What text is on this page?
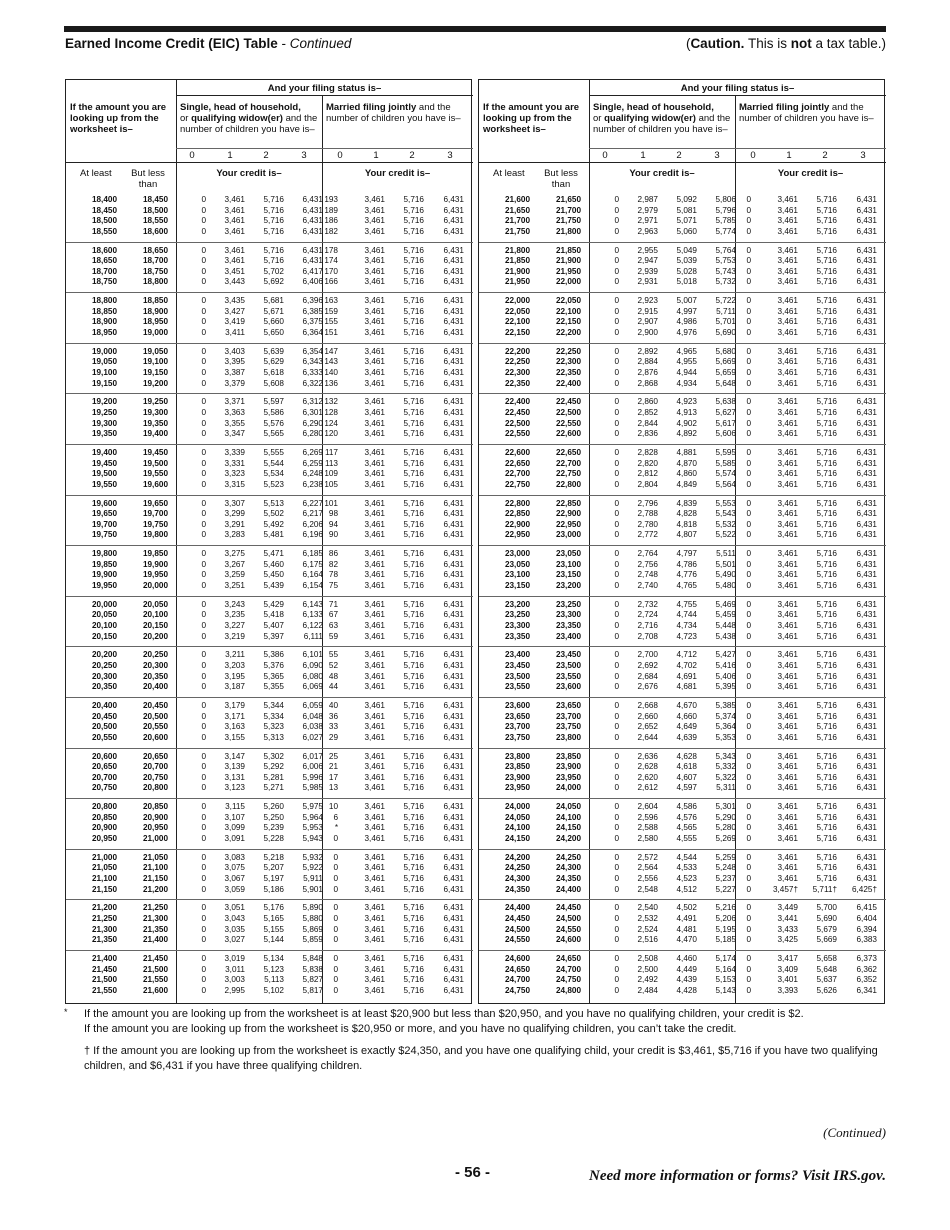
Earned Income Credit (EIC) Table - Continued	(Caution. This is not a tax table.)
And your filing status is–
If the amount you are looking up from the worksheet is–
Single, head of household,
or qualifying widow(er) and the number of children you have is–
Married filing jointly and the number of children you have is–
0	1	2	3	0	1	2	3
At least	But less than
Your credit is–	Your credit is–
18,400	18,450	0 3,461 5,716 6,431 193	3,461 5,716 6,431
18,450	18,500	0 3,461 5,716 6,431 189	3,461 5,716 6,431
18,500	18,550	0 3,461 5,716 6,431 186	3,461 5,716 6,431
18,550	18,600	0 3,461 5,716 6,431 182	3,461 5,716 6,431
18,600	18,650	0 3,461 5,716 6,431 178	3,461 5,716 6,431
18,650	18,700	0 3,461 5,716 6,431 174	3,461 5,716 6,431
18,700	18,750	0 3,451 5,702 6,417 170	3,461 5,716 6,431
18,750	18,800	0 3,443 5,692 6,406 166	3,461 5,716 6,431
18,800	18,850	0 3,435 5,681 6,396 163	3,461 5,716 6,431
18,850	18,900	0 3,427 5,671 6,385 159	3,461 5,716 6,431
18,900	18,950	0 3,419 5,660 6,375 155	3,461 5,716 6,431
18,950	19,000	0 3,411 5,650 6,364 151	3,461 5,716 6,431
19,000	19,050	0 3,403 5,639 6,354 147	3,461 5,716 6,431
19,050	19,100	0 3,395 5,629 6,343 143	3,461 5,716 6,431
19,100	19,150	0 3,387 5,618 6,333 140	3,461 5,716 6,431
19,150	19,200	0 3,379 5,608 6,322 136	3,461 5,716 6,431
19,200	19,250	0 3,371 5,597 6,312 132	3,461 5,716 6,431
19,250	19,300	0 3,363 5,586 6,301 128	3,461 5,716 6,431
19,300	19,350	0 3,355 5,576 6,290 124	3,461 5,716 6,431
19,350	19,400	0 3,347 5,565 6,280 120	3,461 5,716 6,431
19,400	19,450	0 3,339 5,555 6,269 117	3,461 5,716 6,431
19,450	19,500	0 3,331 5,544 6,259 113	3,461 5,716 6,431
19,500	19,550	0 3,323 5,534 6,248 109	3,461 5,716 6,431
19,550	19,600	0 3,315 5,523 6,238 105	3,461 5,716 6,431
19,600	19,650	0 3,307 5,513 6,227 101	3,461 5,716 6,431
19,650	19,700	0 3,299 5,502 6,217 98	3,461 5,716 6,431
19,700	19,750	0 3,291 5,492 6,206 94	3,461 5,716 6,431
19,750	19,800	0 3,283 5,481 6,196 90	3,461 5,716 6,431
19,800	19,850	0 3,275 5,471 6,185 86	3,461 5,716 6,431
19,850	19,900	0 3,267 5,460 6,175 82	3,461 5,716 6,431
19,900	19,950	0 3,259 5,450 6,164 78	3,461 5,716 6,431
19,950	20,000	0 3,251 5,439 6,154 75	3,461 5,716 6,431
20,000	20,050	0 3,243 5,429 6,143 71	3,461 5,716 6,431
20,050	20,100	0 3,235 5,418 6,133 67	3,461 5,716 6,431
20,100	20,150	0 3,227 5,407 6,122 63	3,461 5,716 6,431
20,150	20,200	0 3,219 5,397 6,111 59	3,461 5,716 6,431
20,200	20,250	0 3,211 5,386 6,101 55	3,461 5,716 6,431
20,250	20,300	0 3,203 5,376 6,090 52	3,461 5,716 6,431
20,300	20,350	0 3,195 5,365 6,080 48	3,461 5,716 6,431
20,350	20,400	0 3,187 5,355 6,069 44	3,461 5,716 6,431
20,400	20,450	0 3,179 5,344 6,059 40	3,461 5,716 6,431
20,450	20,500	0 3,171 5,334 6,048 36	3,461 5,716 6,431
20,500	20,550	0 3,163 5,323 6,038 33	3,461 5,716 6,431
20,550	20,600	0 3,155 5,313 6,027 29	3,461 5,716 6,431
20,600	20,650	0 3,147 5,302 6,017 25	3,461 5,716 6,431
20,650	20,700	0 3,139 5,292 6,006 21	3,461 5,716 6,431
20,700	20,750	0 3,131 5,281 5,996 17	3,461 5,716 6,431
20,750	20,800	0 3,123 5,271 5,985 13	3,461 5,716 6,431
20,800	20,850	0 3,115 5,260 5,975 10	3,461 5,716 6,431
20,850	20,900	0 3,107 5,250 5,964 6	3,461 5,716 6,431
20,900	20,950	0 3,099 5,239 5,953 *	3,461 5,716 6,431
20,950	21,000	0 3,091 5,228 5,943 0	3,461 5,716 6,431
21,000	21,050	0 3,083 5,218 5,932 0	3,461 5,716 6,431
21,050	21,100	0 3,075 5,207 5,922 0	3,461 5,716 6,431
21,100	21,150	0 3,067 5,197 5,911 0	3,461 5,716 6,431
21,150	21,200	0 3,059 5,186 5,901 0	3,461 5,716 6,431
21,200	21,250	0 3,051 5,176 5,890 0	3,461 5,716 6,431
21,250	21,300	0 3,043 5,165 5,880 0	3,461 5,716 6,431
21,300	21,350	0 3,035 5,155 5,869 0	3,461 5,716 6,431
21,350	21,400	0 3,027 5,144 5,859 0	3,461 5,716 6,431
21,400	21,450	0 3,019 5,134 5,848 0	3,461 5,716 6,431
21,450	21,500	0 3,011 5,123 5,838 0	3,461 5,716 6,431
21,500	21,550	0 3,003 5,113 5,827 0	3,461 5,716 6,431
21,550	21,600	0 2,995 5,102 5,817 0	3,461 5,716 6,431
And your filing status is–
If the amount you are looking up from the worksheet is–
Single, head of household,
or qualifying widow(er) and the number of children you have is–
Married filing jointly and the number of children you have is–
0	1	2	3	0	1	2	3
At least	But less than
Your credit is–	Your credit is–
21,600	21,650	0 2,987 5,092 5,806 0	3,461 5,716 6,431
21,650	21,700	0 2,979 5,081 5,796 0	3,461 5,716 6,431
21,700	21,750	0 2,971 5,071 5,785 0	3,461 5,716 6,431
21,750	21,800	0 2,963 5,060 5,774 0	3,461 5,716 6,431
21,800	21,850	0 2,955 5,049 5,764 0	3,461 5,716 6,431
21,850	21,900	0 2,947 5,039 5,753 0	3,461 5,716 6,431
21,900	21,950	0 2,939 5,028 5,743 0	3,461 5,716 6,431
21,950	22,000	0 2,931 5,018 5,732 0	3,461 5,716 6,431
22,000	22,050	0 2,923 5,007 5,722 0	3,461 5,716 6,431
22,050	22,100	0 2,915 4,997 5,711 0	3,461 5,716 6,431
22,100	22,150	0 2,907 4,986 5,701 0	3,461 5,716 6,431
22,150	22,200	0 2,900 4,976 5,690 0	3,461 5,716 6,431
22,200	22,250	0 2,892 4,965 5,680 0	3,461 5,716 6,431
22,250	22,300	0 2,884 4,955 5,669 0	3,461 5,716 6,431
22,300	22,350	0 2,876 4,944 5,659 0	3,461 5,716 6,431
22,350	22,400	0 2,868 4,934 5,648 0	3,461 5,716 6,431
22,400	22,450	0 2,860 4,923 5,638 0	3,461 5,716 6,431
22,450	22,500	0 2,852 4,913 5,627 0	3,461 5,716 6,431
22,500	22,550	0 2,844 4,902 5,617 0	3,461 5,716 6,431
22,550	22,600	0 2,836 4,892 5,606 0	3,461 5,716 6,431
22,600	22,650	0 2,828 4,881 5,595 0	3,461 5,716 6,431
22,650	22,700	0 2,820 4,870 5,585 0	3,461 5,716 6,431
22,700	22,750	0 2,812 4,860 5,574 0	3,461 5,716 6,431
22,750	22,800	0 2,804 4,849 5,564 0	3,461 5,716 6,431
22,800	22,850	0 2,796 4,839 5,553 0	3,461 5,716 6,431
22,850	22,900	0 2,788 4,828 5,543 0	3,461 5,716 6,431
22,900	22,950	0 2,780 4,818 5,532 0	3,461 5,716 6,431
22,950	23,000	0 2,772 4,807 5,522 0	3,461 5,716 6,431
23,000	23,050	0 2,764 4,797 5,511 0	3,461 5,716 6,431
23,050	23,100	0 2,756 4,786 5,501 0	3,461 5,716 6,431
23,100	23,150	0 2,748 4,776 5,490 0	3,461 5,716 6,431
23,150	23,200	0 2,740 4,765 5,480 0	3,461 5,716 6,431
23,200	23,250	0 2,732 4,755 5,469 0	3,461 5,716 6,431
23,250	23,300	0 2,724 4,744 5,459 0	3,461 5,716 6,431
23,300	23,350	0 2,716 4,734 5,448 0	3,461 5,716 6,431
23,350	23,400	0 2,708 4,723 5,438 0	3,461 5,716 6,431
23,400	23,450	0 2,700 4,712 5,427 0	3,461 5,716 6,431
23,450	23,500	0 2,692 4,702 5,416 0	3,461 5,716 6,431
23,500	23,550	0 2,684 4,691 5,406 0	3,461 5,716 6,431
23,550	23,600	0 2,676 4,681 5,395 0	3,461 5,716 6,431
23,600	23,650	0 2,668 4,670 5,385 0	3,461 5,716 6,431
23,650	23,700	0 2,660 4,660 5,374 0	3,461 5,716 6,431
23,700	23,750	0 2,652 4,649 5,364 0	3,461 5,716 6,431
23,750	23,800	0 2,644 4,639 5,353 0	3,461 5,716 6,431
23,800	23,850	0 2,636 4,628 5,343 0	3,461 5,716 6,431
23,850	23,900	0 2,628 4,618 5,332 0	3,461 5,716 6,431
23,900	23,950	0 2,620 4,607 5,322 0	3,461 5,716 6,431
23,950	24,000	0 2,612 4,597 5,311 0	3,461 5,716 6,431
24,000	24,050	0 2,604 4,586 5,301 0	3,461 5,716 6,431
24,050	24,100	0 2,596 4,576 5,290 0	3,461 5,716 6,431
24,100	24,150	0 2,588 4,565 5,280 0	3,461 5,716 6,431
24,150	24,200	0 2,580 4,555 5,269 0	3,461 5,716 6,431
24,200	24,250	0 2,572 4,544 5,259 0	3,461 5,716 6,431
24,250	24,300	0 2,564 4,533 5,248 0	3,461 5,716 6,431
24,300	24,350	0 2,556 4,523 5,237 0	3,461 5,716 6,431
24,350	24,400	0 2,548 4,512 5,227 0	3,457† 5,711† 6,425†
24,400	24,450	0 2,540 4,502 5,216 0	3,449 5,700 6,415
24,450	24,500	0 2,532 4,491 5,206 0	3,441 5,690 6,404
24,500	24,550	0 2,524 4,481 5,195 0	3,433 5,679 6,394
24,550	24,600	0 2,516 4,470 5,185 0	3,425 5,669 6,383
24,600	24,650	0 2,508 4,460 5,174 0	3,417 5,658 6,373
24,650	24,700	0 2,500 4,449 5,164 0	3,409 5,648 6,362
24,700	24,750	0 2,492 4,439 5,153 0	3,401 5,637 6,352
24,750	24,800	0 2,484 4,428 5,143 0	3,393 5,626 6,341
* If the amount you are looking up from the worksheet is at least $20,900 but less than $20,950, and you have no qualifying children, your credit is $2.
If the amount you are looking up from the worksheet is $20,950 or more, and you have no qualifying children, you can’t take the credit.
† If the amount you are looking up from the worksheet is exactly $24,350, and you have one qualifying child, your credit is $3,461, $5,716 if you have two qualifying children, and $6,431 if you have three qualifying children.
(Continued)
- 56 -	Need more information or forms? Visit IRS.gov.
